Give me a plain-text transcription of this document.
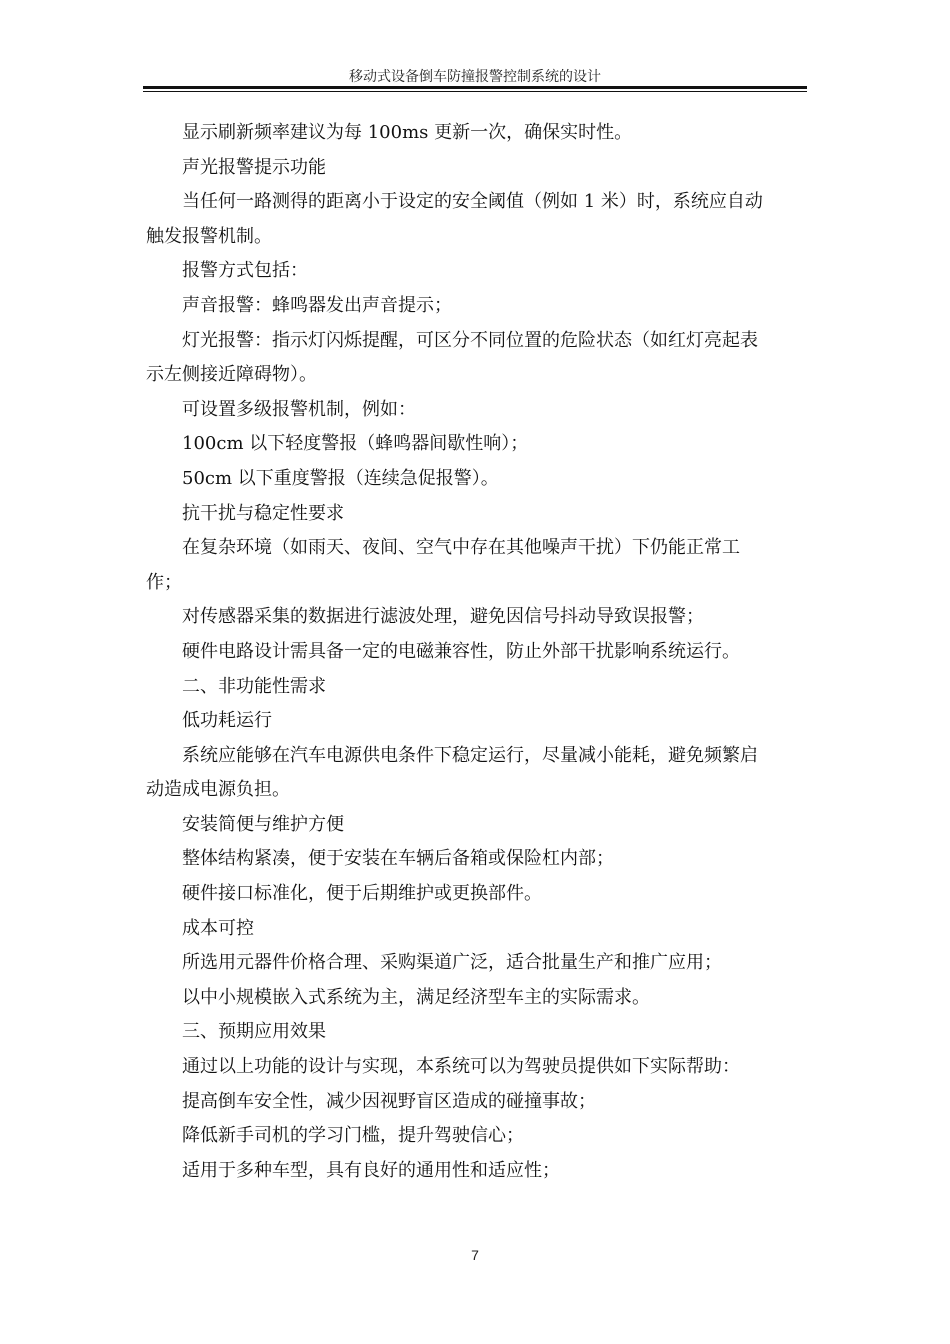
移动式设备倒车防撞报警控制系统的设计

显示刷新频率建议为每 100ms 更新一次，确保实时性。

声光报警提示功能

当任何一路测得的距离小于设定的安全阈值（例如 1 米）时，系统应自动

触发报警机制。

报警方式包括：

声音报警：蜂鸣器发出声音提示；

灯光报警：指示灯闪烁提醒，可区分不同位置的危险状态（如红灯亮起表

示左侧接近障碍物）。

可设置多级报警机制，例如：

100cm 以下轻度警报（蜂鸣器间歇性响）；

50cm 以下重度警报（连续急促报警）。

抗干扰与稳定性要求

在复杂环境（如雨天、夜间、空气中存在其他噪声干扰）下仍能正常工

作；

对传感器采集的数据进行滤波处理，避免因信号抖动导致误报警；

硬件电路设计需具备一定的电磁兼容性，防止外部干扰影响系统运行。

二、非功能性需求

低功耗运行

系统应能够在汽车电源供电条件下稳定运行，尽量减小能耗，避免频繁启

动造成电源负担。

安装简便与维护方便

整体结构紧凑，便于安装在车辆后备箱或保险杠内部；

硬件接口标准化，便于后期维护或更换部件。

成本可控

所选用元器件价格合理、采购渠道广泛，适合批量生产和推广应用；

以中小规模嵌入式系统为主，满足经济型车主的实际需求。

三、预期应用效果

通过以上功能的设计与实现，本系统可以为驾驶员提供如下实际帮助：

提高倒车安全性，减少因视野盲区造成的碰撞事故；

降低新手司机的学习门槛，提升驾驶信心；

适用于多种车型，具有良好的通用性和适应性；

7
